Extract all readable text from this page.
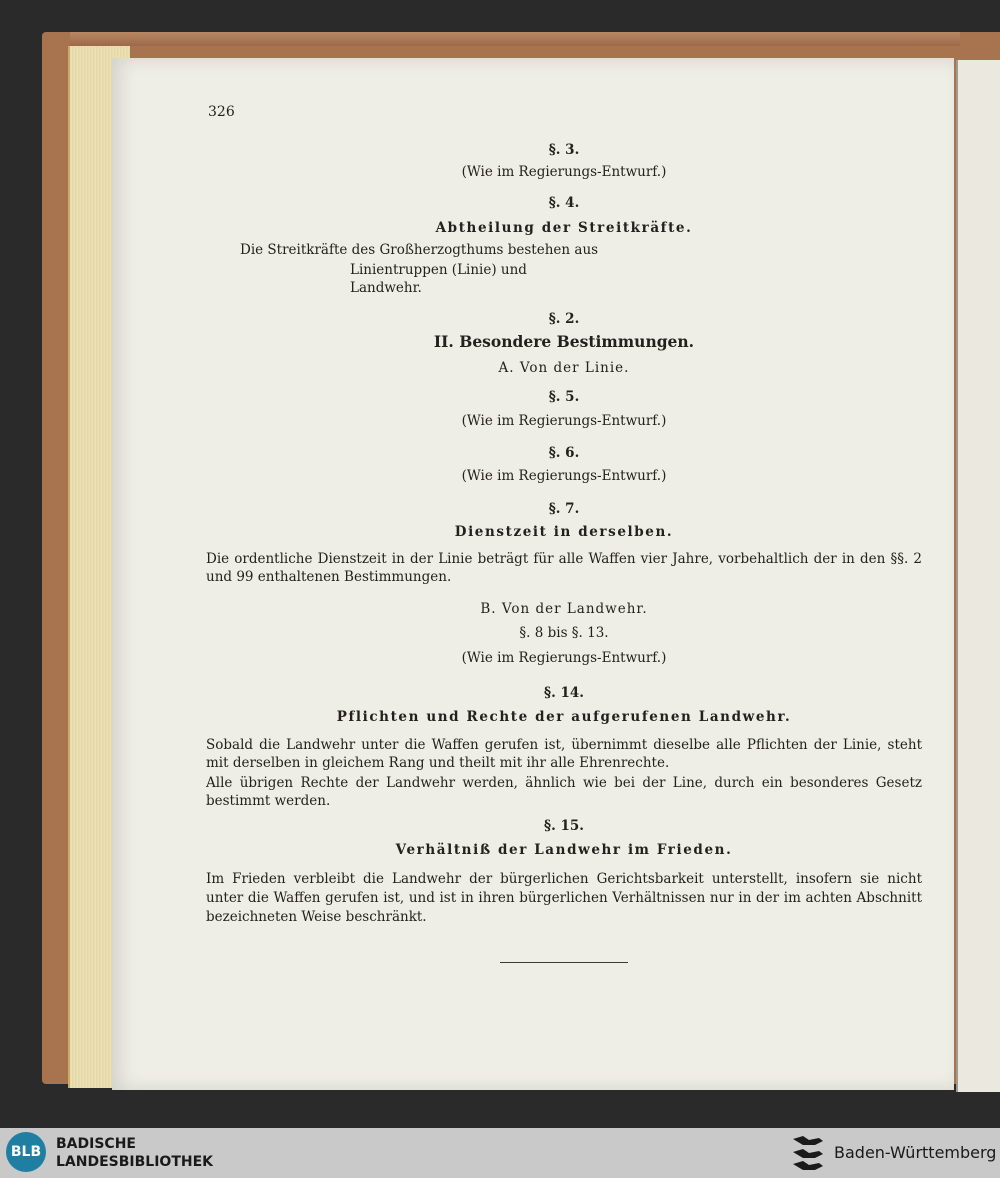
326
§. 3.
(Wie im Regierungs-Entwurf.)
§. 4.
Abtheilung der Streitkräfte.
Die Streitkräfte des Großherzogthums bestehen aus
Linientruppen (Linie) und
Landwehr.
§. 2.
II. Besondere Bestimmungen.
A. Von der Linie.
§. 5.
(Wie im Regierungs-Entwurf.)
§. 6.
(Wie im Regierungs-Entwurf.)
§. 7.
Dienstzeit in derselben.
Die ordentliche Dienstzeit in der Linie beträgt für alle Waffen vier Jahre, vorbehaltlich der in den §§. 2 und 99 enthaltenen Bestimmungen.
B. Von der Landwehr.
§. 8 bis §. 13.
(Wie im Regierungs-Entwurf.)
§. 14.
Pflichten und Rechte der aufgerufenen Landwehr.
Sobald die Landwehr unter die Waffen gerufen ist, übernimmt dieselbe alle Pflichten der Linie, steht mit derselben in gleichem Rang und theilt mit ihr alle Ehrenrechte.
Alle übrigen Rechte der Landwehr werden, ähnlich wie bei der Line, durch ein besonderes Gesetz bestimmt werden.
§. 15.
Verhältniß der Landwehr im Frieden.
Im Frieden verbleibt die Landwehr der bürgerlichen Gerichtsbarkeit unterstellt, insofern sie nicht unter die Waffen gerufen ist, und ist in ihren bürgerlichen Verhältnissen nur in der im achten Abschnitt bezeichneten Weise beschränkt.
BLB	BADISCHE
LANDESBIBLIOTHEK	Baden-Württemberg
